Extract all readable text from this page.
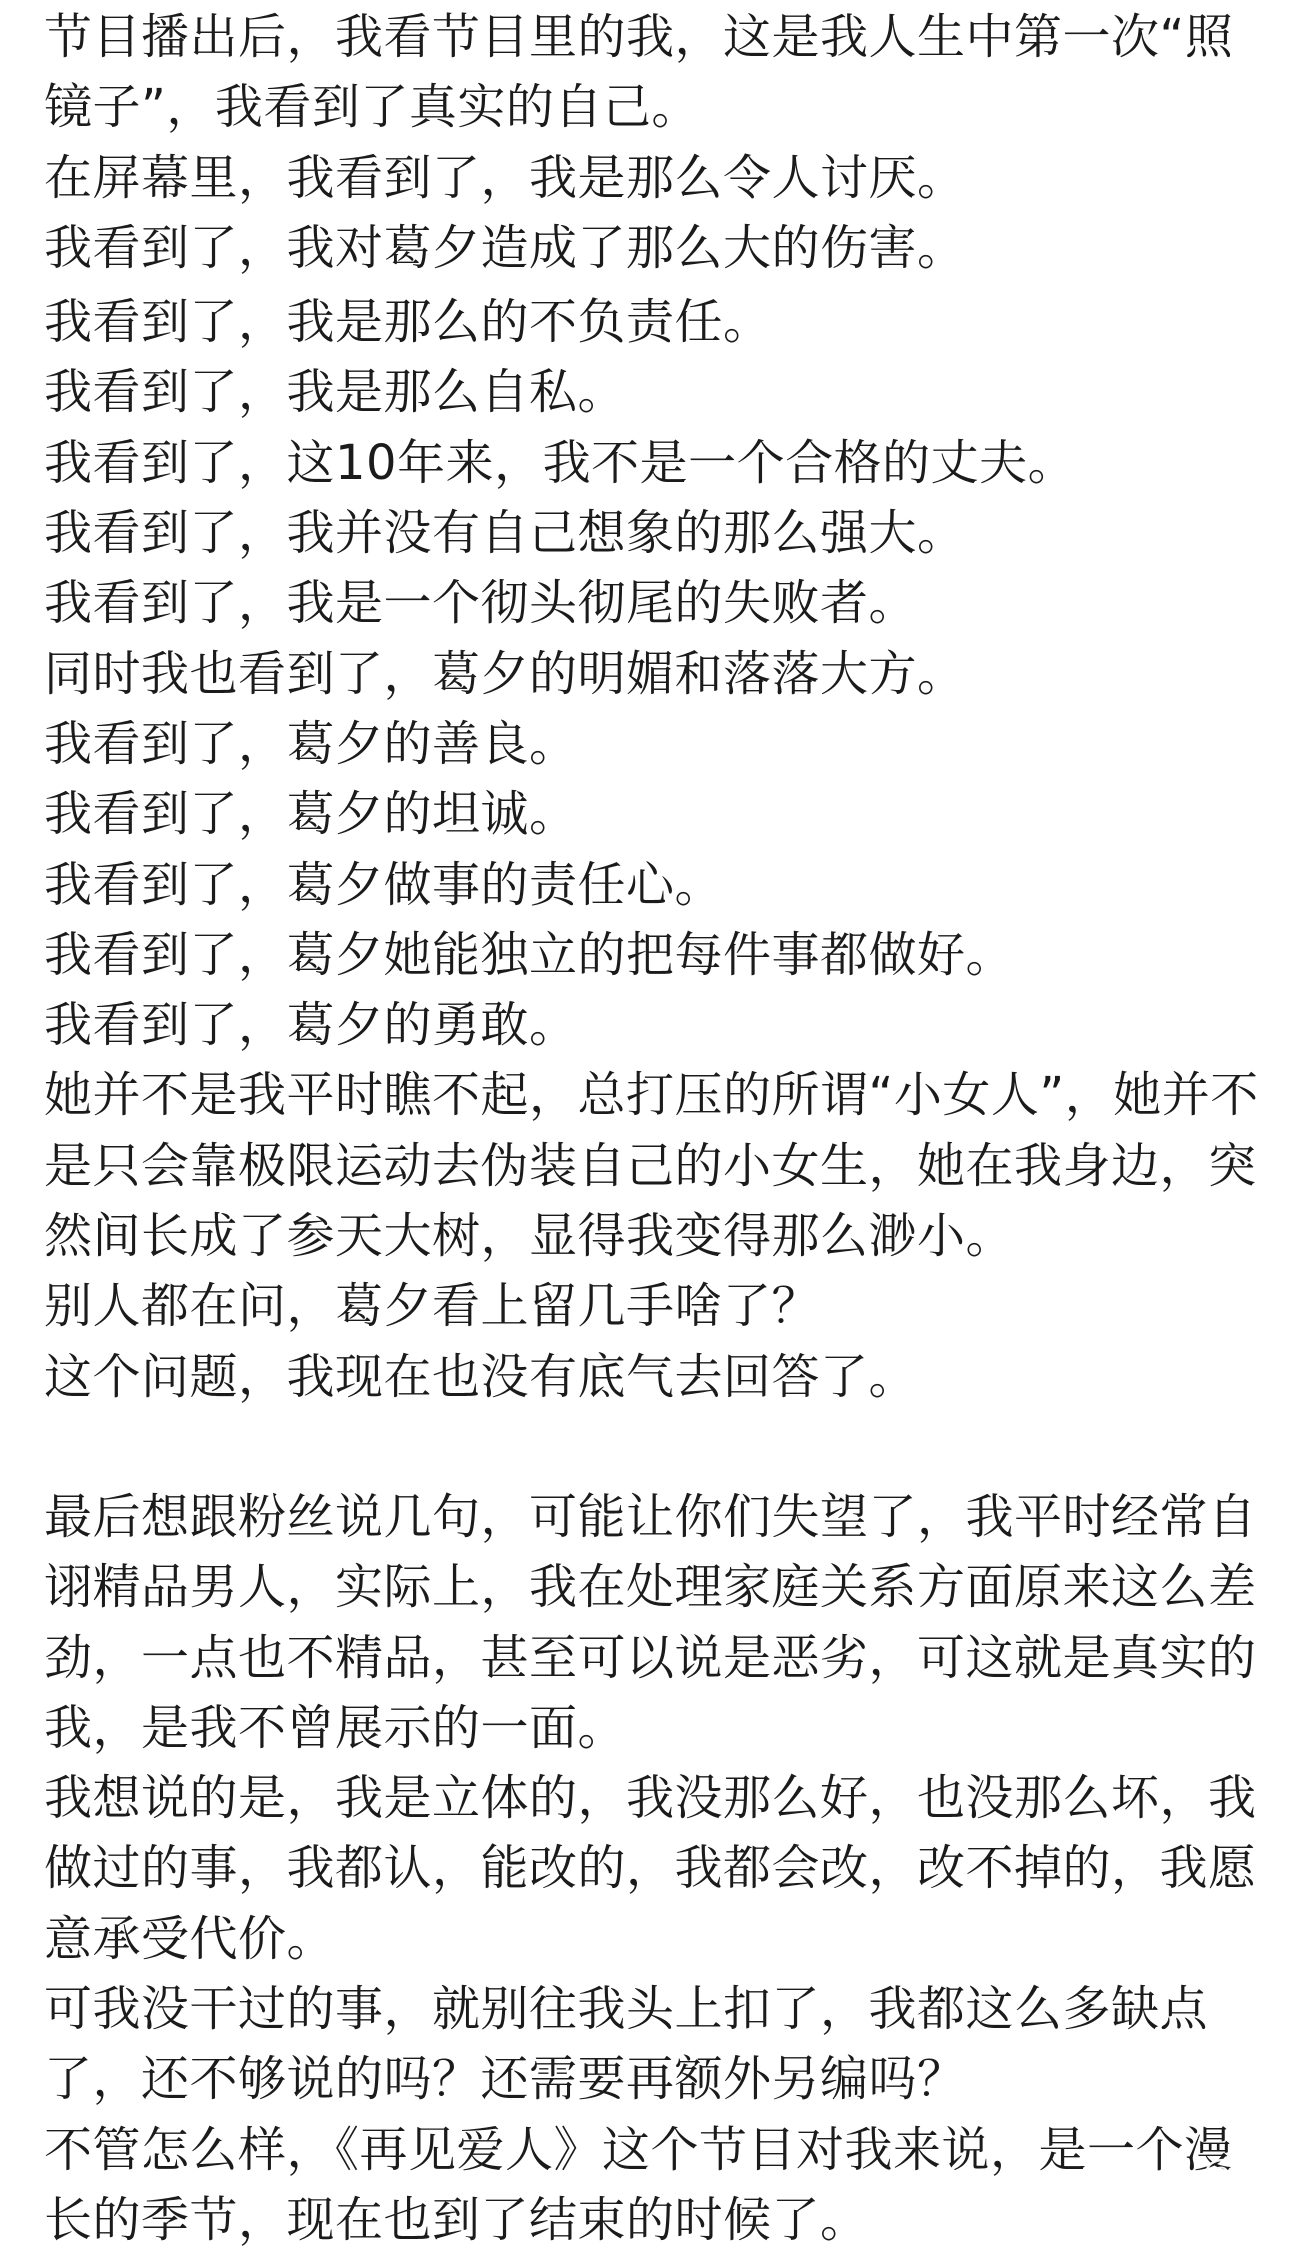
节目播出后，我看节目里的我，这是我人生中第一次“照镜子”，我看到了真实的自己。

在屏幕里，我看到了，我是那么令人讨厌。

我看到了，我对葛夕造成了那么大的伤害。

我看到了，我是那么的不负责任。

我看到了，我是那么自私。

我看到了，这10年来，我不是一个合格的丈夫。

我看到了，我并没有自己想象的那么强大。

我看到了，我是一个彻头彻尾的失败者。

同时我也看到了，葛夕的明媚和落落大方。

我看到了，葛夕的善良。

我看到了，葛夕的坦诚。

我看到了，葛夕做事的责任心。

我看到了，葛夕她能独立的把每件事都做好。

我看到了，葛夕的勇敢。

她并不是我平时瞧不起，总打压的所谓“小女人”，她并不是只会靠极限运动去伪装自己的小女生，她在我身边，突然间长成了参天大树，显得我变得那么渺小。

别人都在问，葛夕看上留几手啥了？

这个问题，我现在也没有底气去回答了。

最后想跟粉丝说几句，可能让你们失望了，我平时经常自诩精品男人，实际上，我在处理家庭关系方面原来这么差劲，一点也不精品，甚至可以说是恶劣，可这就是真实的我，是我不曾展示的一面。

我想说的是，我是立体的，我没那么好，也没那么坏，我做过的事，我都认，能改的，我都会改，改不掉的，我愿意承受代价。

可我没干过的事，就别往我头上扣了，我都这么多缺点了，还不够说的吗？还需要再额外另编吗？

不管怎么样，《再见爱人》这个节目对我来说，是一个漫长的季节，现在也到了结束的时候了。
